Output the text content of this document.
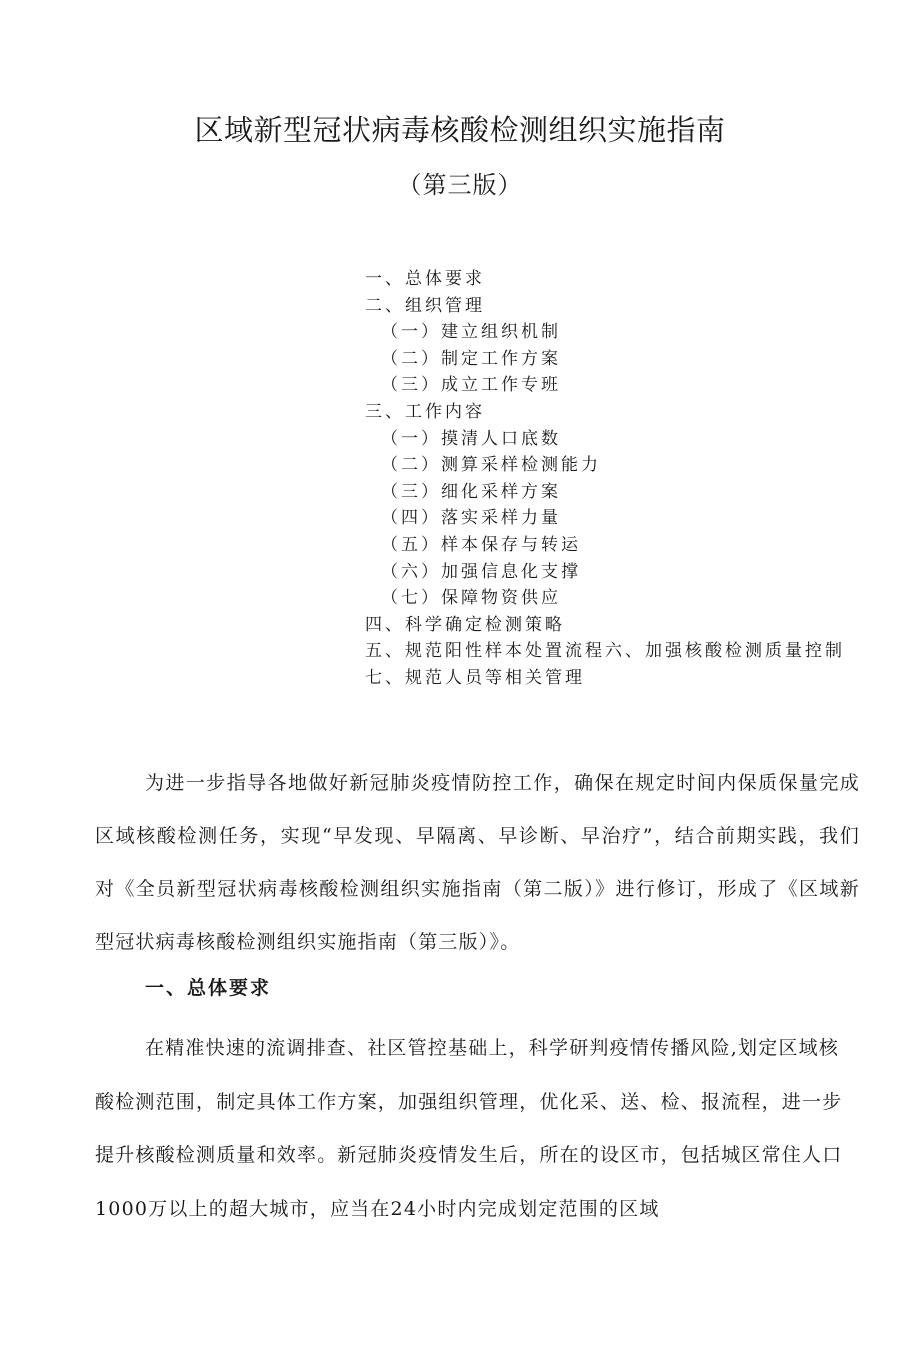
区域新型冠状病毒核酸检测组织实施指南
（第三版）
一、总体要求
二、组织管理
（一）建立组织机制
（二）制定工作方案
（三）成立工作专班
三、工作内容
（一）摸清人口底数
（二）测算采样检测能力
（三）细化采样方案
（四）落实采样力量
（五）样本保存与转运
（六）加强信息化支撑
（七）保障物资供应
四、科学确定检测策略
五、规范阳性样本处置流程六、加强核酸检测质量控制七、规范人员等相关管理
为进一步指导各地做好新冠肺炎疫情防控工作，确保在规定时间内保质保量完成区域核酸检测任务，实现“早发现、早隔离、早诊断、早治疗”，结合前期实践，我们对《全员新型冠状病毒核酸检测组织实施指南（第二版）》进行修订，形成了《区域新型冠状病毒核酸检测组织实施指南（第三版）》。
一、总体要求
在精准快速的流调排查、社区管控基础上，科学研判疫情传播风险,划定区域核酸检测范围，制定具体工作方案，加强组织管理，优化采、送、检、报流程，进一步提升核酸检测质量和效率。新冠肺炎疫情发生后，所在的设区市，包括城区常住人口1000万以上的超大城市，应当在24小时内完成划定范围的区域
